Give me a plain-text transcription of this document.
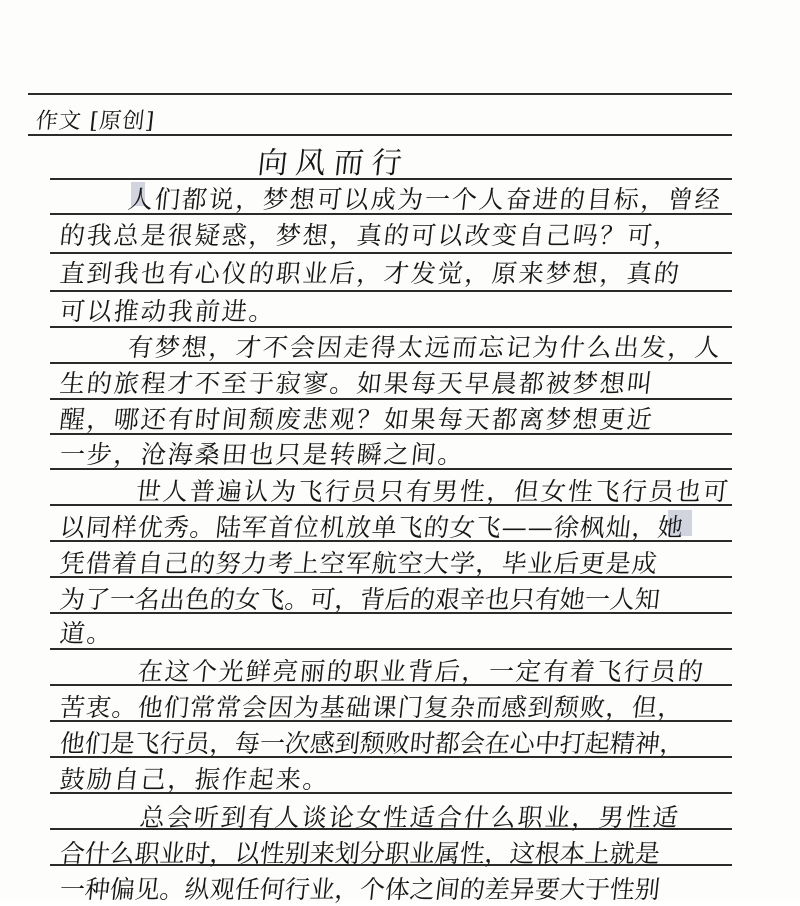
作文 [原创]
向风而行
人们都说，梦想可以成为一个人奋进的目标，曾经
的我总是很疑惑，梦想，真的可以改变自己吗？可，
直到我也有心仪的职业后，才发觉，原来梦想，真的
可以推动我前进。
有梦想，才不会因走得太远而忘记为什么出发，人
生的旅程才不至于寂寥。如果每天早晨都被梦想叫
醒，哪还有时间颓废悲观？如果每天都离梦想更近
一步，沧海桑田也只是转瞬之间。
世人普遍认为飞行员只有男性，但女性飞行员也可
以同样优秀。陆军首位机放单飞的女飞——徐枫灿，她
凭借着自己的努力考上空军航空大学，毕业后更是成
为了一名出色的女飞。可，背后的艰辛也只有她一人知
道。
在这个光鲜亮丽的职业背后，一定有着飞行员的
苦衷。他们常常会因为基础课门复杂而感到颓败，但，
他们是飞行员，每一次感到颓败时都会在心中打起精神，
鼓励自己，振作起来。
总会听到有人谈论女性适合什么职业，男性适
合什么职业时，以性别来划分职业属性，这根本上就是
一种偏见。纵观任何行业，个体之间的差异要大于性别
